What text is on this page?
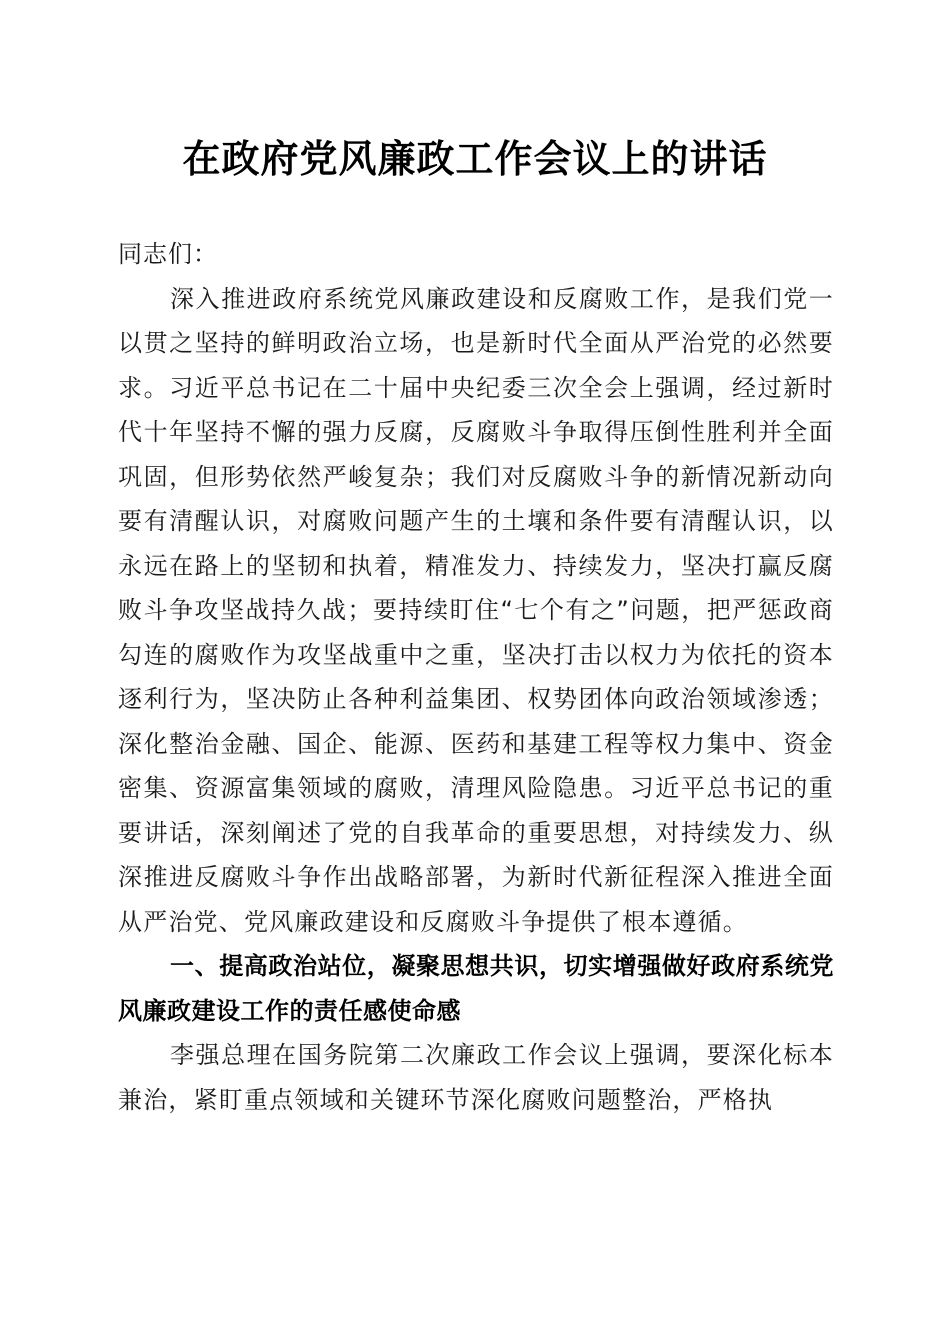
在政府党风廉政工作会议上的讲话

同志们：

深入推进政府系统党风廉政建设和反腐败工作，是我们党一以贯之坚持的鲜明政治立场，也是新时代全面从严治党的必然要求。习近平总书记在二十届中央纪委三次全会上强调，经过新时代十年坚持不懈的强力反腐，反腐败斗争取得压倒性胜利并全面巩固，但形势依然严峻复杂；我们对反腐败斗争的新情况新动向要有清醒认识，对腐败问题产生的土壤和条件要有清醒认识，以永远在路上的坚韧和执着，精准发力、持续发力，坚决打赢反腐败斗争攻坚战持久战；要持续盯住“七个有之”问题，把严惩政商勾连的腐败作为攻坚战重中之重，坚决打击以权力为依托的资本逐利行为，坚决防止各种利益集团、权势团体向政治领域渗透；深化整治金融、国企、能源、医药和基建工程等权力集中、资金密集、资源富集领域的腐败，清理风险隐患。习近平总书记的重要讲话，深刻阐述了党的自我革命的重要思想，对持续发力、纵深推进反腐败斗争作出战略部署，为新时代新征程深入推进全面从严治党、党风廉政建设和反腐败斗争提供了根本遵循。

一、提高政治站位，凝聚思想共识，切实增强做好政府系统党风廉政建设工作的责任感使命感

李强总理在国务院第二次廉政工作会议上强调，要深化标本兼治，紧盯重点领域和关键环节深化腐败问题整治，严格执
